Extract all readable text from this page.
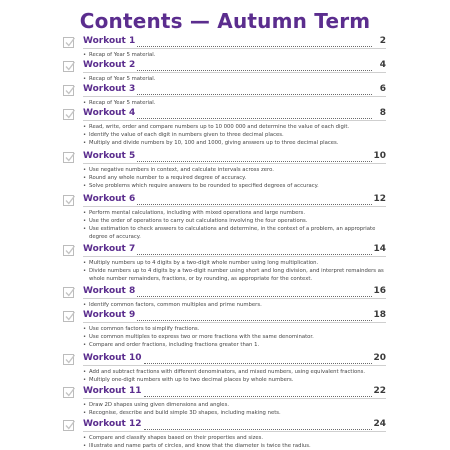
Contents — Autumn Term
Workout 1	2
• Recap of Year 5 material.
Workout 2	4
• Recap of Year 5 material.
Workout 3	6
• Recap of Year 5 material.
Workout 4	8
• Read, write, order and compare numbers up to 10 000 000 and determine the value of each digit.
• Identify the value of each digit in numbers given to three decimal places.
• Multiply and divide numbers by 10, 100 and 1000, giving answers up to three decimal places.
Workout 5	10
• Use negative numbers in context, and calculate intervals across zero.
• Round any whole number to a required degree of accuracy.
• Solve problems which require answers to be rounded to specified degrees of accuracy.
Workout 6	12
• Perform mental calculations, including with mixed operations and large numbers.
• Use the order of operations to carry out calculations involving the four operations.
• Use estimation to check answers to calculations and determine, in the context of a problem, an appropriate degree of accuracy.
Workout 7	14
• Multiply numbers up to 4 digits by a two-digit whole number using long multiplication.
• Divide numbers up to 4 digits by a two-digit number using short and long division, and interpret remainders as whole number remainders, fractions, or by rounding, as appropriate for the context.
Workout 8	16
• Identify common factors, common multiples and prime numbers.
Workout 9	18
• Use common factors to simplify fractions.
• Use common multiples to express two or more fractions with the same denominator.
• Compare and order fractions, including fractions greater than 1.
Workout 10	20
• Add and subtract fractions with different denominators, and mixed numbers, using equivalent fractions.
• Multiply one-digit numbers with up to two decimal places by whole numbers.
Workout 11	22
• Draw 2D shapes using given dimensions and angles.
• Recognise, describe and build simple 3D shapes, including making nets.
Workout 12	24
• Compare and classify shapes based on their properties and sizes.
• Illustrate and name parts of circles, and know that the diameter is twice the radius.
